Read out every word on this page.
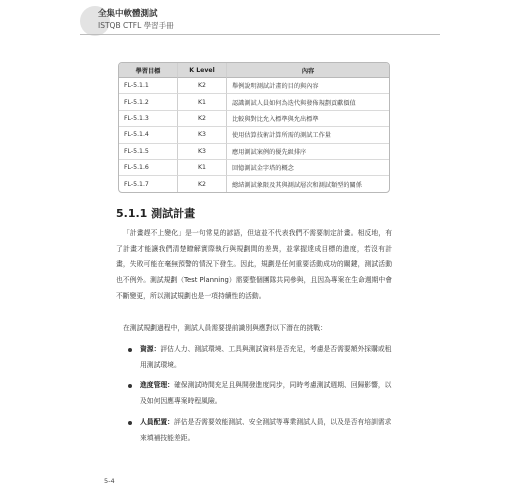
全集中軟體測試
ISTQB CTFL 學習手冊
學習目標	K Level	內容
FL-5.1.1	K2	舉例說明測試計畫的目的與內容
FL-5.1.2	K1	認識測試人員如何為迭代與發佈規劃貢獻價值
FL-5.1.3	K2	比較與對比允入標準與允出標準
FL-5.1.4	K3	使用估算技術計算所需的測試工作量
FL-5.1.5	K3	應用測試案例的優先級排序
FL-5.1.6	K1	回憶測試金字塔的概念
FL-5.1.7	K2	總結測試象限及其與測試層次和測試類型的關係
5.1.1 測試計畫

「計畫趕不上變化」是一句常見的諺語，但這並不代表我們不需要制定計畫。相反地，有了計畫才能讓我們清楚瞭解實際執行與規劃間的差異，並掌握達成目標的進度，若沒有計畫，失敗可能在毫無預警的情況下發生。因此，規劃是任何重要活動成功的關鍵，測試活動也不例外。測試規劃（Test Planning）需要整個團隊共同參與，且因為專案在生命週期中會不斷變更，所以測試規劃也是一項持續性的活動。

在測試規劃過程中，測試人員需要提前識別與應對以下潛在的挑戰：

資源：評估人力、測試環境、工具與測試資料是否充足，考慮是否需要額外採購或租用測試環境。
進度管理：確保測試時間充足且與開發進度同步，同時考慮測試週期、回歸影響，以及如何因應專案時程風險。
人員配置：評估是否需要效能測試、安全測試等專業測試人員，以及是否有培訓需求來填補技能差距。
5-4
